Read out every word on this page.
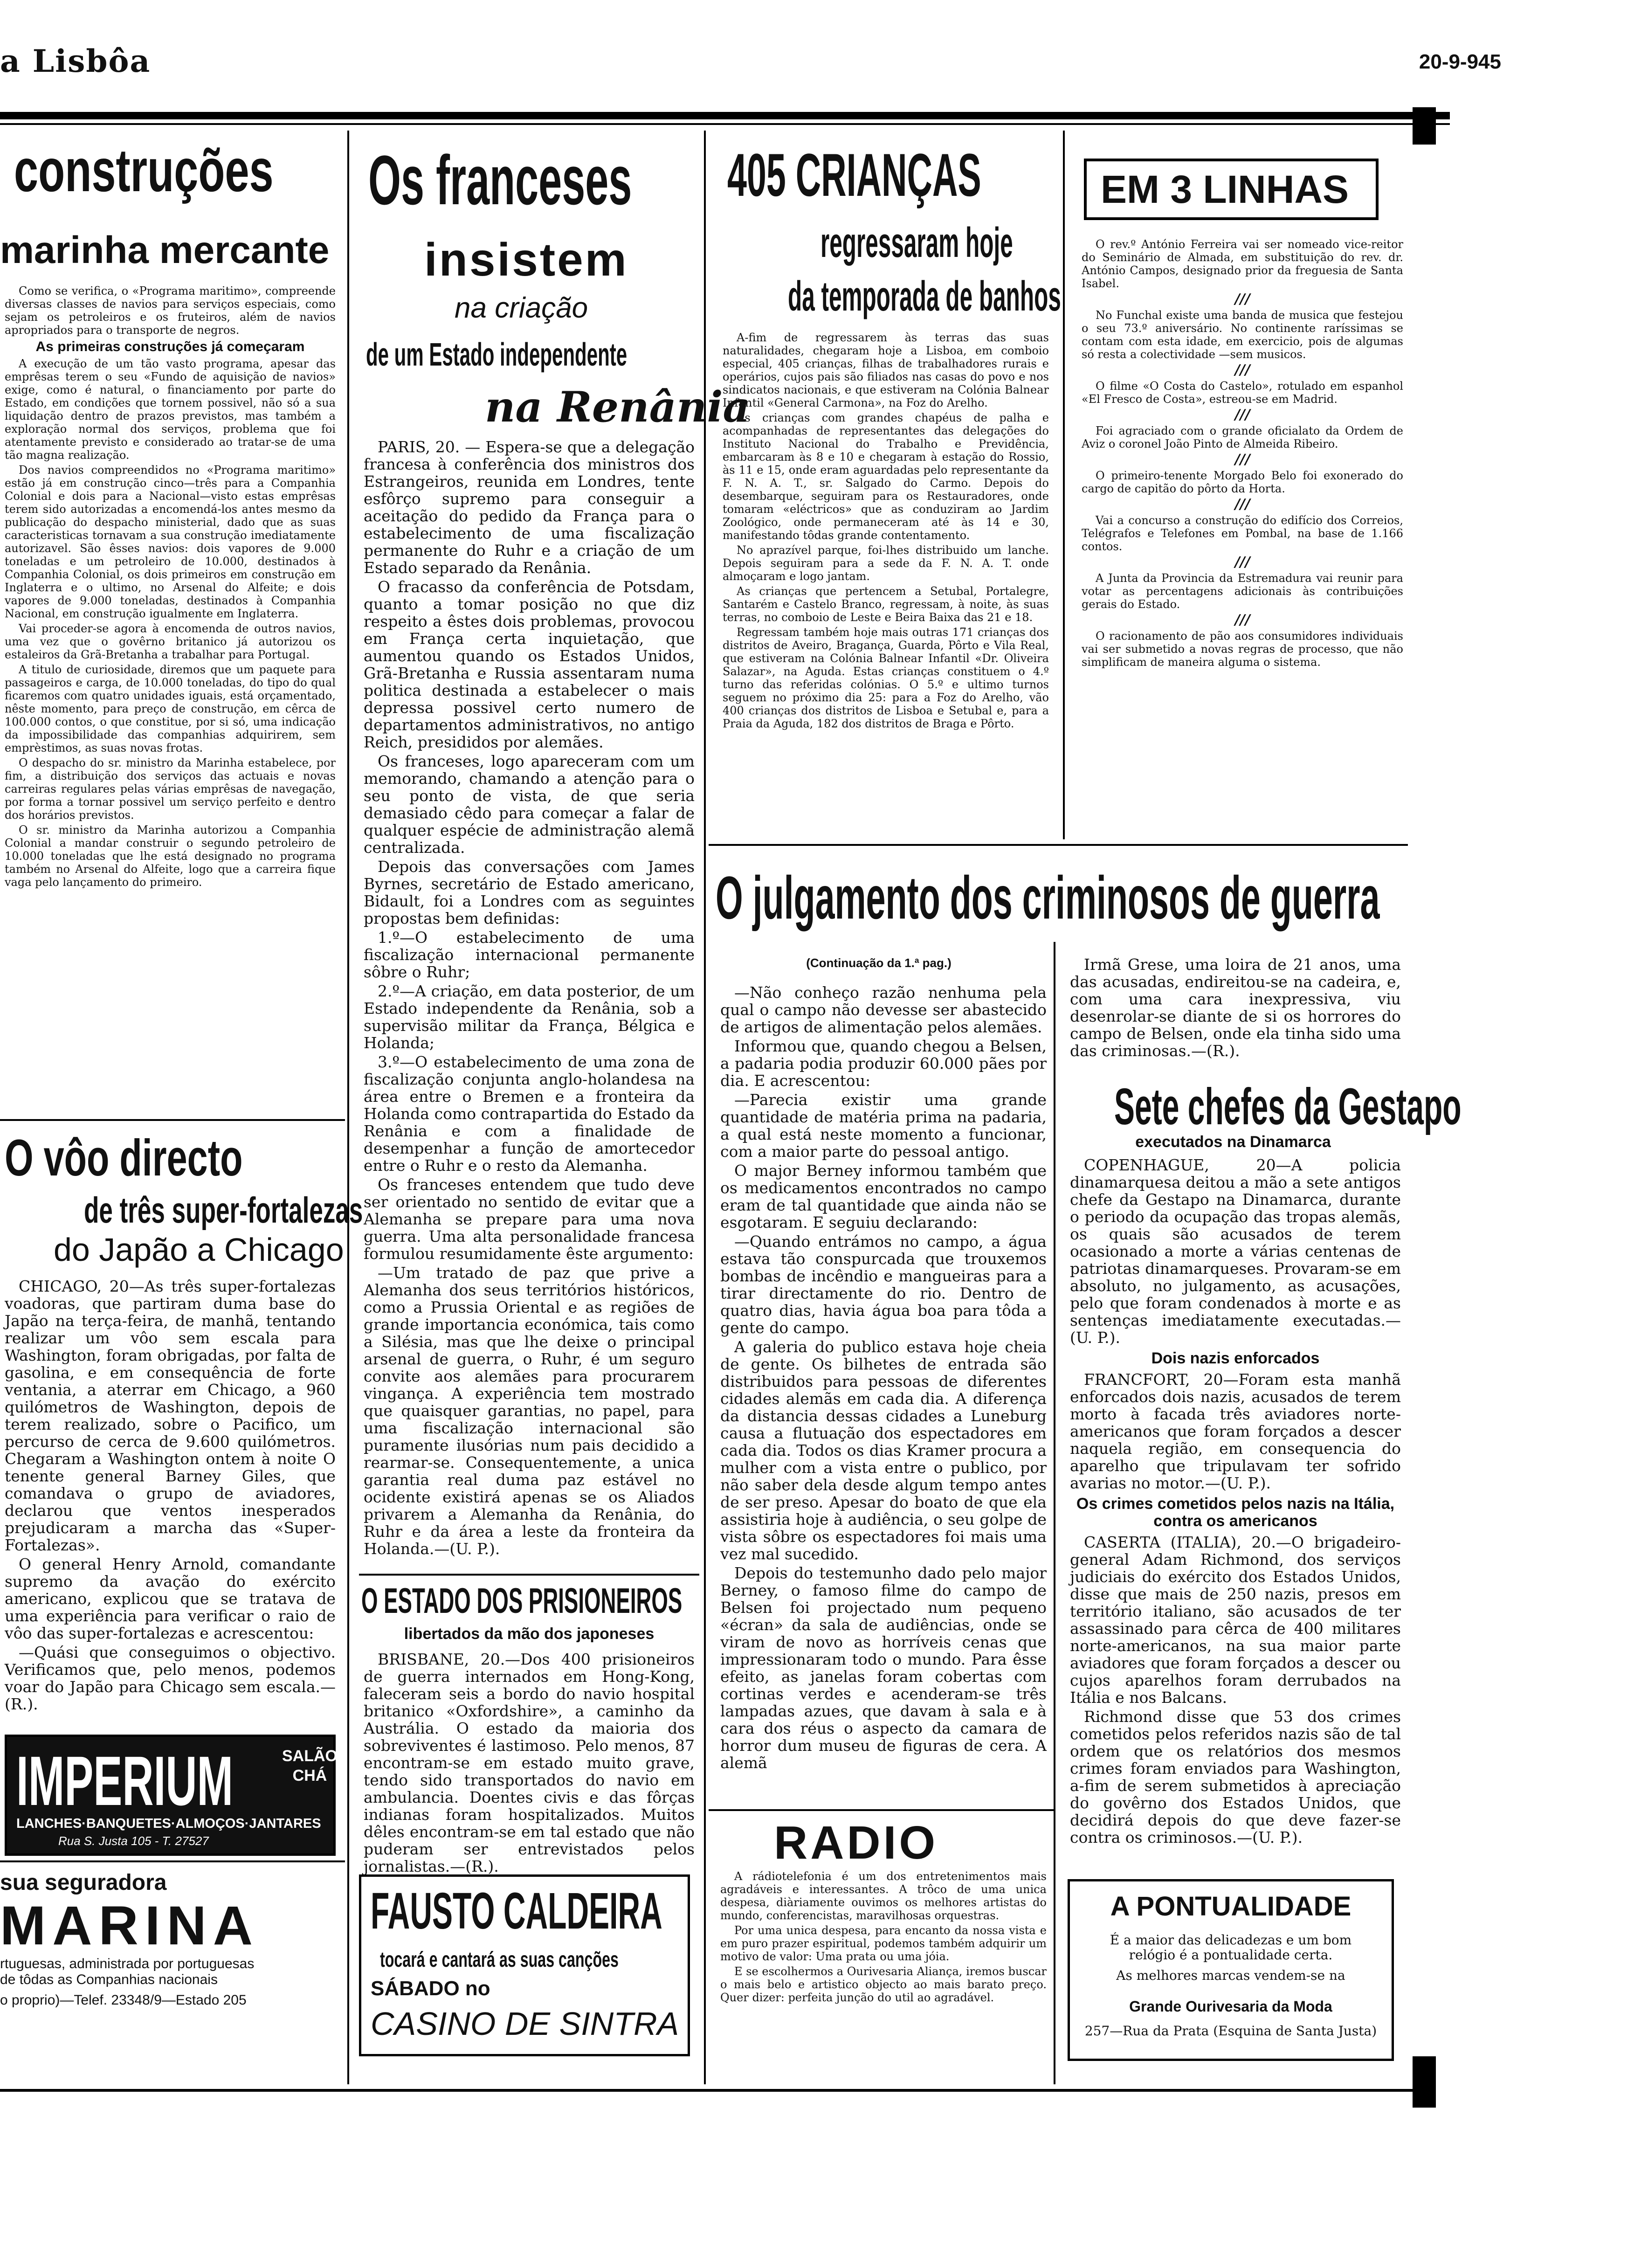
a Lisbôa	20-9-945
construções
marinha mercante

Como se verifica, o «Programa maritimo», compreende diversas classes de navios para serviços especiais, como sejam os petroleiros e os fruteiros, além de navios apropriados para o transporte de negros.

As primeiras construções já começaram

A execução de um tão vasto programa, apesar das emprêsas terem o seu «Fundo de aquisição de navios» exige, como é natural, o financiamento por parte do Estado, em condições que tornem possivel, não só a sua liquidação dentro de prazos previstos, mas também a exploração normal dos serviços, problema que foi atentamente previsto e considerado ao tratar-se de uma tão magna realização.

Dos navios compreendidos no «Programa maritimo» estão já em construção cinco—três para a Companhia Colonial e dois para a Nacional—visto estas emprêsas terem sido autorizadas a encomendá-los antes mesmo da publicação do despacho ministerial, dado que as suas caracteristicas tornavam a sua construção imediatamente autorizavel. São êsses navios: dois vapores de 9.000 toneladas e um petroleiro de 10.000, destinados à Companhia Colonial, os dois primeiros em construção em Inglaterra e o ultimo, no Arsenal do Alfeite; e dois vapores de 9.000 toneladas, destinados à Companhia Nacional, em construção igualmente em Inglaterra.

Vai proceder-se agora à encomenda de outros navios, uma vez que o govêrno britanico já autorizou os estaleiros da Grã-Bretanha a trabalhar para Portugal.

A titulo de curiosidade, diremos que um paquete para passageiros e carga, de 10.000 toneladas, do tipo do qual ficaremos com quatro unidades iguais, está orçamentado, nêste momento, para preço de construção, em cêrca de 100.000 contos, o que constitue, por si só, uma indicação da impossibilidade das companhias adquirirem, sem emprèstimos, as suas novas frotas.

O despacho do sr. ministro da Marinha estabelece, por fim, a distribuição dos serviços das actuais e novas carreiras regulares pelas várias emprêsas de navegação, por forma a tornar possivel um serviço perfeito e dentro dos horários previstos.

O sr. ministro da Marinha autorizou a Companhia Colonial a mandar construir o segundo petroleiro de 10.000 toneladas que lhe está designado no programa também no Arsenal do Alfeite, logo que a carreira fique vaga pelo lançamento do primeiro.

O vôo directo
de três super-fortalezas
do Japão a Chicago

CHICAGO, 20—As três super-fortalezas voadoras, que partiram duma base do Japão na terça-feira, de manhã, tentando realizar um vôo sem escala para Washington, foram obrigadas, por falta de gasolina, e em consequência de forte ventania, a aterrar em Chicago, a 960 quilómetros de Washington, depois de terem realizado, sobre o Pacifico, um percurso de cerca de 9.600 quilómetros. Chegaram a Washington ontem à noite O tenente general Barney Giles, que comandava o grupo de aviadores, declarou que ventos inesperados prejudicaram a marcha das «Super-Fortalezas».

O general Henry Arnold, comandante supremo da avação do exército americano, explicou que se tratava de uma experiência para verificar o raio de vôo das super-fortalezas e acrescentou:

—Quási que conseguimos o objectivo. Verificamos que, pelo menos, podemos voar do Japão para Chicago sem escala.—(R.).

IMPERIUM	SALÃO
CHÁ
LANCHES·BANQUETES·ALMOÇOS·JANTARES
Rua S. Justa 105 - T. 27527
sua seguradora
MARINA
rtuguesas, administrada por portuguesas
de tôdas as Companhias nacionais
o proprio)—Telef. 23348/9—Estado 205
Os franceses
insistem
na criação
de um Estado independente
na Renânia

PARIS, 20. — Espera-se que a delegação francesa à conferência dos ministros dos Estrangeiros, reunida em Londres, tente esfôrço supremo para conseguir a aceitação do pedido da França para o estabelecimento de uma fiscalização permanente do Ruhr e a criação de um Estado separado da Renânia.

O fracasso da conferência de Potsdam, quanto a tomar posição no que diz respeito a êstes dois problemas, provocou em França certa inquietação, que aumentou quando os Estados Unidos, Grã-Bretanha e Russia assentaram numa politica destinada a estabelecer o mais depressa possivel certo numero de departamentos administrativos, no antigo Reich, presididos por alemães.

Os franceses, logo apareceram com um memorando, chamando a atenção para o seu ponto de vista, de que seria demasiado cêdo para começar a falar de qualquer espécie de administração alemã centralizada.

Depois das conversações com James Byrnes, secretário de Estado americano, Bidault, foi a Londres com as seguintes propostas bem definidas:

1.º—O estabelecimento de uma fiscalização internacional permanente sôbre o Ruhr;

2.º—A criação, em data posterior, de um Estado independente da Renânia, sob a supervisão militar da França, Bélgica e Holanda;

3.º—O estabelecimento de uma zona de fiscalização conjunta anglo-holandesa na área entre o Bremen e a fronteira da Holanda como contrapartida do Estado da Renânia e com a finalidade de desempenhar a função de amortecedor entre o Ruhr e o resto da Alemanha.

Os franceses entendem que tudo deve ser orientado no sentido de evitar que a Alemanha se prepare para uma nova guerra. Uma alta personalidade francesa formulou resumidamente êste argumento:

—Um tratado de paz que prive a Alemanha dos seus territórios históricos, como a Prussia Oriental e as regiões de grande importancia económica, tais como a Silésia, mas que lhe deixe o principal arsenal de guerra, o Ruhr, é um seguro convite aos alemães para procurarem vingança. A experiência tem mostrado que quaisquer garantias, no papel, para uma fiscalização internacional são puramente ilusórias num pais decidido a rearmar-se. Consequentemente, a unica garantia real duma paz estável no ocidente existirá apenas se os Aliados privarem a Alemanha da Renânia, do Ruhr e da área a leste da fronteira da Holanda.—(U. P.).

O ESTADO DOS PRISIONEIROS
libertados da mão dos japoneses

BRISBANE, 20.—Dos 400 prisioneiros de guerra internados em Hong-Kong, faleceram seis a bordo do navio hospital britanico «Oxfordshire», a caminho da Austrália. O estado da maioria dos sobreviventes é lastimoso. Pelo menos, 87 encontram-se em estado muito grave, tendo sido transportados do navio em ambulancia. Doentes civis e das fôrças indianas foram hospitalizados. Muitos dêles encontram-se em tal estado que não puderam ser entrevistados pelos jornalistas.—(R.).

FAUSTO CALDEIRA
tocará e cantará as suas canções
SÁBADO no
CASINO DE SINTRA
405 CRIANÇAS
regressaram hoje
da temporada de banhos

A-fim de regressarem às terras das suas naturalidades, chegaram hoje a Lisboa, em comboio especial, 405 crianças, filhas de trabalhadores rurais e operários, cujos pais são filiados nas casas do povo e nos sindicatos nacionais, e que estiveram na Colónia Balnear Infantil «General Carmona», na Foz do Arelho.

As crianças com grandes chapéus de palha e acompanhadas de representantes das delegações do Instituto Nacional do Trabalho e Previdência, embarcaram às 8 e 10 e chegaram à estação do Rossio, às 11 e 15, onde eram aguardadas pelo representante da F. N. A. T., sr. Salgado do Carmo. Depois do desembarque, seguiram para os Restauradores, onde tomaram «eléctricos» que as conduziram ao Jardim Zoológico, onde permaneceram até às 14 e 30, manifestando tôdas grande contentamento.

No aprazível parque, foi-lhes distribuido um lanche. Depois seguiram para a sede da F. N. A. T. onde almoçaram e logo jantam.

As crianças que pertencem a Setubal, Portalegre, Santarém e Castelo Branco, regressam, à noite, às suas terras, no comboio de Leste e Beira Baixa das 21 e 18.

Regressam também hoje mais outras 171 crianças dos distritos de Aveiro, Bragança, Guarda, Pôrto e Vila Real, que estiveram na Colónia Balnear Infantil «Dr. Oliveira Salazar», na Aguda. Estas crianças constituem o 4.º turno das referidas colónias. O 5.º e ultimo turnos seguem no próximo dia 25: para a Foz do Arelho, vão 400 crianças dos distritos de Lisboa e Setubal e, para a Praia da Aguda, 182 dos distritos de Braga e Pôrto.

EM 3 LINHAS

O rev.º António Ferreira vai ser nomeado vice-reitor do Seminário de Almada, em substituição do rev. dr. António Campos, designado prior da freguesia de Santa Isabel.

///

No Funchal existe uma banda de musica que festejou o seu 73.º aniversário. No continente raríssimas se contam com esta idade, em exercicio, pois de algumas só resta a colectividade —sem musicos.

///

O filme «O Costa do Castelo», rotulado em espanhol «El Fresco de Costa», estreou-se em Madrid.

///

Foi agraciado com o grande oficialato da Ordem de Aviz o coronel João Pinto de Almeida Ribeiro.

///

O primeiro-tenente Morgado Belo foi exonerado do cargo de capitão do pôrto da Horta.

///

Vai a concurso a construção do edifício dos Correios, Telégrafos e Telefones em Pombal, na base de 1.166 contos.

///

A Junta da Provincia da Estremadura vai reunir para votar as percentagens adicionais às contribuições gerais do Estado.

///

O racionamento de pão aos consumidores individuais vai ser submetido a novas regras de processo, que não simplificam de maneira alguma o sistema.

O julgamento dos criminosos de guerra
(Continuação da 1.ª pag.)

—Não conheço razão nenhuma pela qual o campo não devesse ser abastecido de artigos de alimentação pelos alemães.

Informou que, quando chegou a Belsen, a padaria podia produzir 60.000 pães por dia. E acrescentou:

—Parecia existir uma grande quantidade de matéria prima na padaria, a qual está neste momento a funcionar, com a maior parte do pessoal antigo.

O major Berney informou também que os medicamentos encontrados no campo eram de tal quantidade que ainda não se esgotaram. E seguiu declarando:

—Quando entrámos no campo, a água estava tão conspurcada que trouxemos bombas de incêndio e mangueiras para a tirar directamente do rio. Dentro de quatro dias, havia água boa para tôda a gente do campo.

A galeria do publico estava hoje cheia de gente. Os bilhetes de entrada são distribuidos para pessoas de diferentes cidades alemãs em cada dia. A diferença da distancia dessas cidades a Luneburg causa a flutuação dos espectadores em cada dia. Todos os dias Kramer procura a mulher com a vista entre o publico, por não saber dela desde algum tempo antes de ser preso. Apesar do boato de que ela assistiria hoje à audiência, o seu golpe de vista sôbre os espectadores foi mais uma vez mal sucedido.

Depois do testemunho dado pelo major Berney, o famoso filme do campo de Belsen foi projectado num pequeno «écran» da sala de audiências, onde se viram de novo as horríveis cenas que impressionaram todo o mundo. Para êsse efeito, as janelas foram cobertas com cortinas verdes e acenderam-se três lampadas azues, que davam à sala e à cara dos réus o aspecto da camara de horror dum museu de figuras de cera. A alemã

Irmã Grese, uma loira de 21 anos, uma das acusadas, endireitou-se na cadeira, e, com uma cara inexpressiva, viu desenrolar-se diante de si os horrores do campo de Belsen, onde ela tinha sido uma das criminosas.—(R.).

Sete chefes da Gestapo
executados na Dinamarca

COPENHAGUE, 20—A policia dinamarquesa deitou a mão a sete antigos chefe da Gestapo na Dinamarca, durante o periodo da ocupação das tropas alemãs, os quais são acusados de terem ocasionado a morte a várias centenas de patriotas dinamarqueses. Provaram-se em absoluto, no julgamento, as acusações, pelo que foram condenados à morte e as sentenças imediatamente executadas.—(U. P.).

Dois nazis enforcados

FRANCFORT, 20—Foram esta manhã enforcados dois nazis, acusados de terem morto à facada três aviadores norte-americanos que foram forçados a descer naquela região, em consequencia do aparelho que tripulavam ter sofrido avarias no motor.—(U. P.).

Os crimes cometidos pelos nazis na Itália, contra os americanos

CASERTA (ITALIA), 20.—O brigadeiro-general Adam Richmond, dos serviços judiciais do exército dos Estados Unidos, disse que mais de 250 nazis, presos em território italiano, são acusados de ter assassinado para cêrca de 400 militares norte-americanos, na sua maior parte aviadores que foram forçados a descer ou cujos aparelhos foram derrubados na Itália e nos Balcans.

Richmond disse que 53 dos crimes cometidos pelos referidos nazis são de tal ordem que os relatórios dos mesmos crimes foram enviados para Washington, a-fim de serem submetidos à apreciação do govêrno dos Estados Unidos, que decidirá depois do que deve fazer-se contra os criminosos.—(U. P.).

RADIO

A rádiotelefonia é um dos entretenimentos mais agradáveis e interessantes. A trôco de uma unica despesa, diàriamente ouvimos os melhores artistas do mundo, conferencistas, maravilhosas orquestras.

Por uma unica despesa, para encanto da nossa vista e em puro prazer espiritual, podemos também adquirir um motivo de valor: Uma prata ou uma jóia.

E se escolhermos a Ourivesaria Aliança, iremos buscar o mais belo e artistico objecto ao mais barato preço. Quer dizer: perfeita junção do util ao agradável.

A PONTUALIDADE
É a maior das delicadezas e um bom relógio é a pontualidade certa.
As melhores marcas vendem-se na
Grande Ourivesaria da Moda
257—Rua da Prata (Esquina de Santa Justa)
